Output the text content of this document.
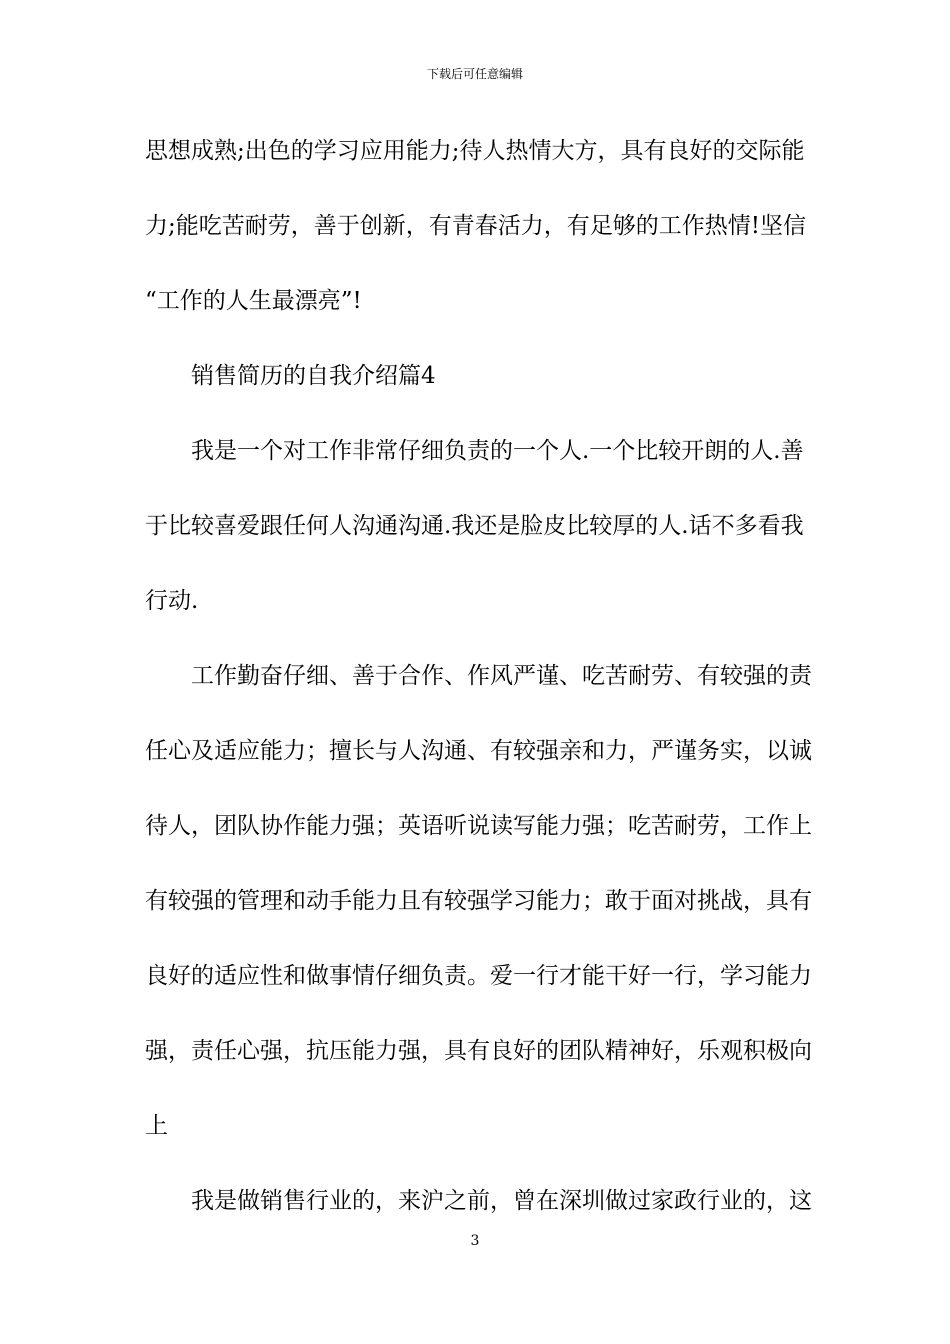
下载后可任意编辑
思想成熟;出色的学习应用能力;待人热情大方，具有良好的交际能
力;能吃苦耐劳，善于创新，有青春活力，有足够的工作热情!坚信
“工作的人生最漂亮”!
销售简历的自我介绍篇4
我是一个对工作非常仔细负责的一个人.一个比较开朗的人.善
于比较喜爱跟任何人沟通沟通.我还是脸皮比较厚的人.话不多看我
行动.
工作勤奋仔细、善于合作、作风严谨、吃苦耐劳、有较强的责
任心及适应能力；擅长与人沟通、有较强亲和力，严谨务实，以诚
待人，团队协作能力强；英语听说读写能力强；吃苦耐劳，工作上
有较强的管理和动手能力且有较强学习能力；敢于面对挑战，具有
良好的适应性和做事情仔细负责。爱一行才能干好一行，学习能力
强，责任心强，抗压能力强，具有良好的团队精神好，乐观积极向
上
我是做销售行业的，来沪之前，曾在深圳做过家政行业的，这
3
